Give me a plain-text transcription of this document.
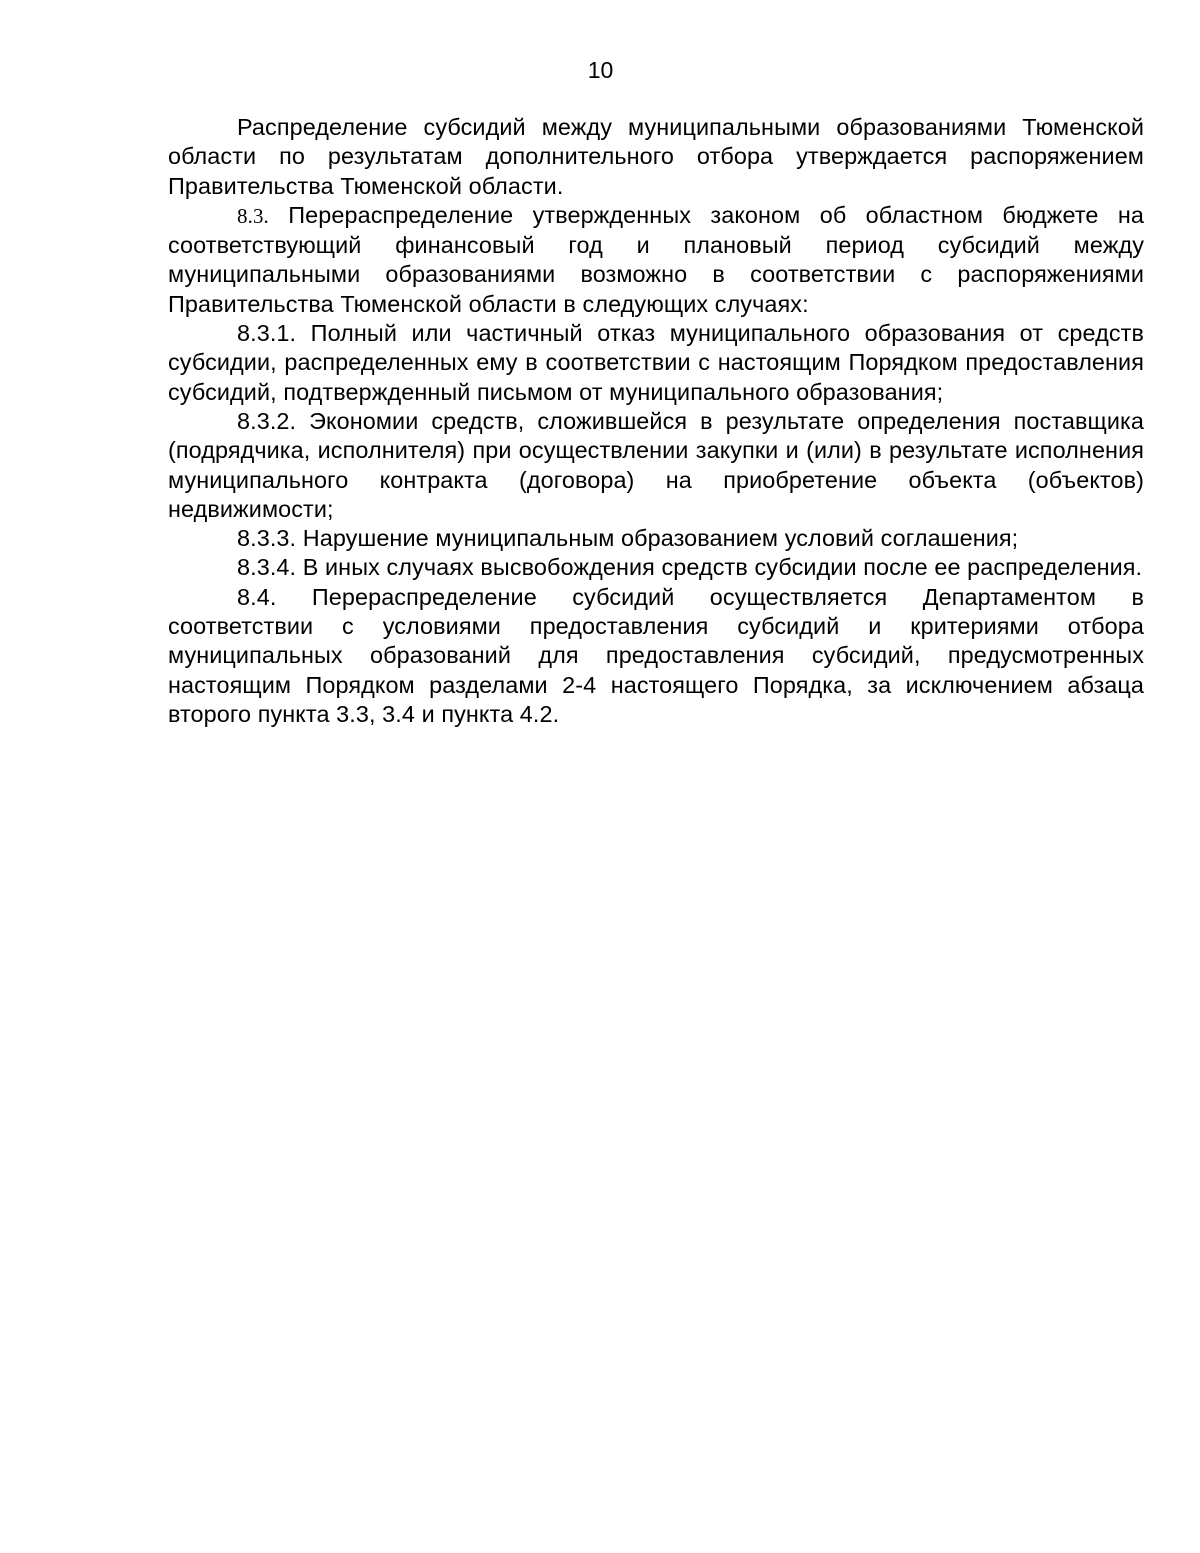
10

Распределение субсидий между муниципальными образованиями Тюменской области по результатам дополнительного отбора утверждается распоряжением Правительства Тюменской области.

8.3. Перераспределение утвержденных законом об областном бюджете на соответствующий финансовый год и плановый период субсидий между муниципальными образованиями возможно в соответствии с распоряжениями Правительства Тюменской области в следующих случаях:

8.3.1. Полный или частичный отказ муниципального образования от средств субсидии, распределенных ему в соответствии с настоящим Порядком предоставления субсидий, подтвержденный письмом от муниципального образования;

8.3.2. Экономии средств, сложившейся в результате определения поставщика (подрядчика, исполнителя) при осуществлении закупки и (или) в результате исполнения муниципального контракта (договора) на приобретение объекта (объектов) недвижимости;

8.3.3. Нарушение муниципальным образованием условий соглашения;

8.3.4. В иных случаях высвобождения средств субсидии после ее распределения.

8.4. Перераспределение субсидий осуществляется Департаментом в соответствии с условиями предоставления субсидий и критериями отбора муниципальных образований для предоставления субсидий, предусмотренных настоящим Порядком разделами 2-4 настоящего Порядка, за исключением абзаца второго пункта 3.3, 3.4 и пункта 4.2.
